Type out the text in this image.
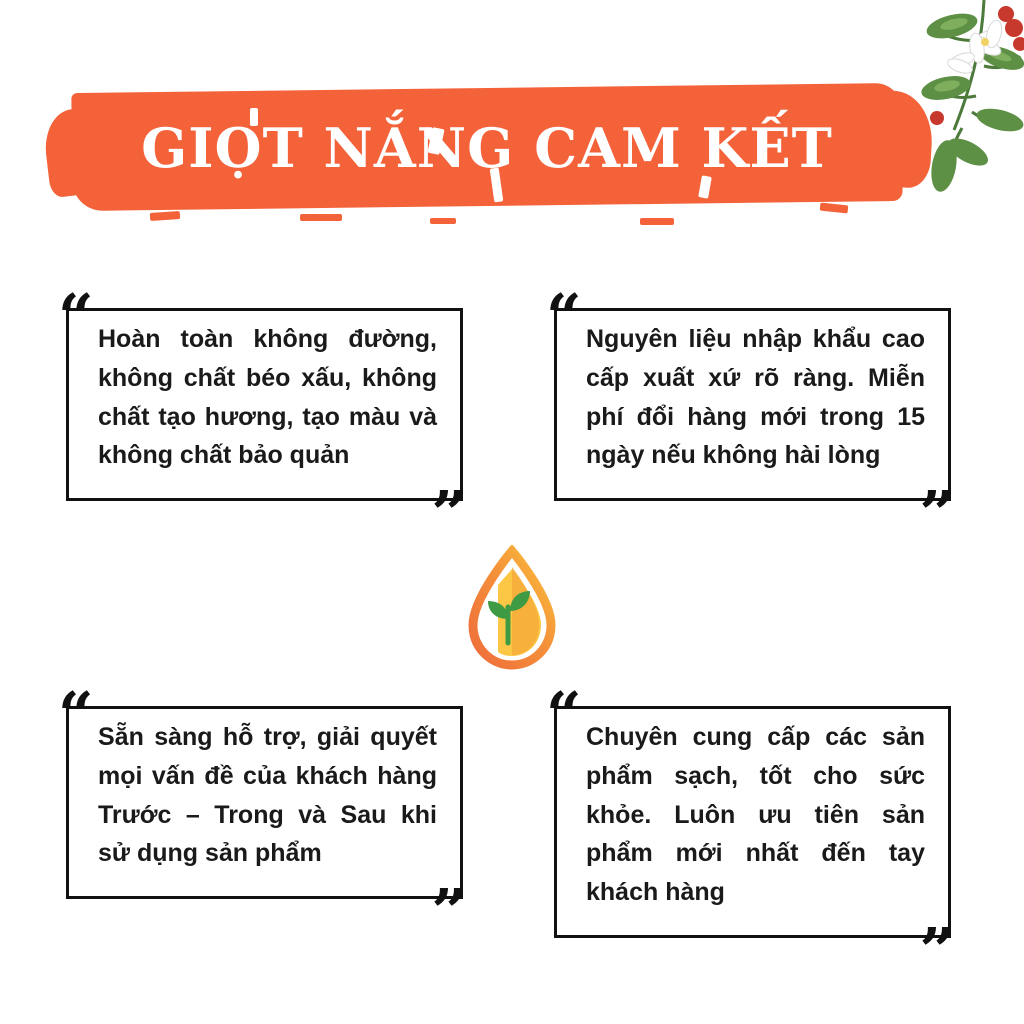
GIỌT NẮNG CAM KẾT
“ Hoàn toàn không đường, không chất béo xấu, không chất tạo hương, tạo màu và không chất bảo quản
”
“ Nguyên liệu nhập khẩu cao cấp xuất xứ rõ ràng. Miễn phí đổi hàng mới trong 15 ngày nếu không hài lòng
”
“ Sẵn sàng hỗ trợ, giải quyết mọi vấn đề của khách hàng Trước – Trong và Sau khi sử dụng sản phẩm
”
“ Chuyên cung cấp các sản phẩm sạch, tốt cho sức khỏe. Luôn ưu tiên sản phẩm mới nhất đến tay khách hàng
”
